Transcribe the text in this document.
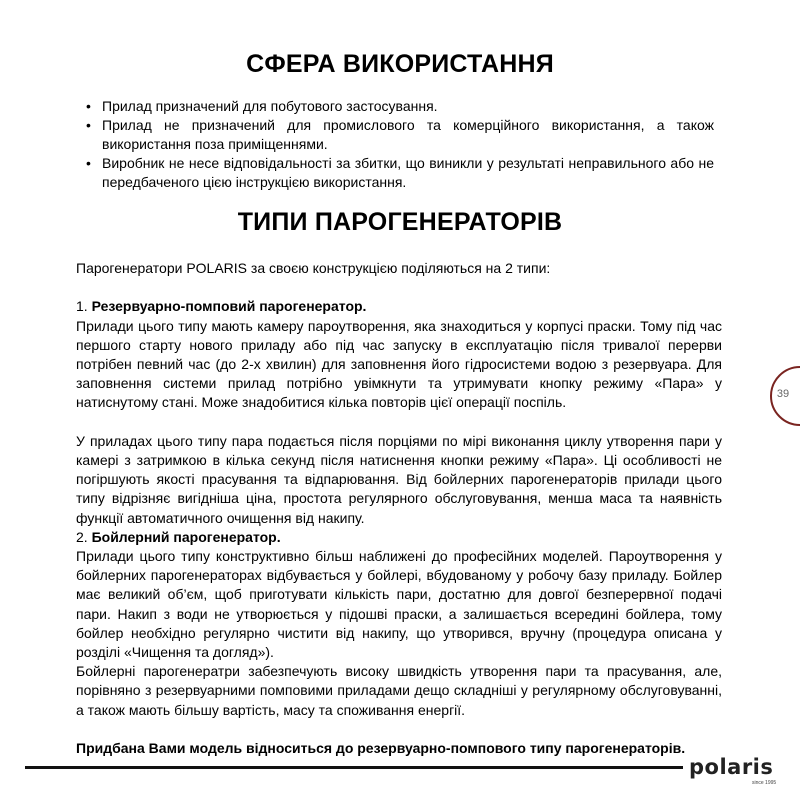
СФЕРА ВИКОРИСТАННЯ
• Прилад призначений для побутового застосування.
• Прилад не призначений для промислового та комерційного використання, а також використання поза приміщеннями.
• Виробник не несе відповідальності за збитки, що виникли у результаті неправильного або не передбаченого цією інструкцією використання.
ТИПИ ПАРОГЕНЕРАТОРІВ

Парогенератори POLARIS за своєю конструкцією поділяються на 2 типи:

1. Резервуарно-помповий парогенератор.

Прилади цього типу мають камеру пароутворення, яка знаходиться у корпусі праски. Тому під час першого старту нового приладу або під час запуску в експлуатацію після тривалої перерви потрібен певний час (до 2-х хвилин) для заповнення його гідросистеми водою з резервуара. Для заповнення системи прилад потрібно увімкнути та утримувати кнопку режиму «Пара» у натиснутому стані. Може знадобитися кілька повторів цієї операції поспіль.

У приладах цього типу пара подається після порціями по мірі виконання циклу утворення пари у камері з затримкою в кілька секунд після натиснення кнопки режиму «Пара». Ці особливості не погіршують якості прасування та відпарювання. Від бойлерних парогенераторів прилади цього типу відрізняє вигідніша ціна, простота регулярного обслуговування, менша маса та наявність функції автоматичного очищення від накипу.

2. Бойлерний парогенератор.

Прилади цього типу конструктивно більш наближені до професійних моделей. Пароутворення у бойлерних парогенераторах відбувається у бойлері, вбудованому у робочу базу приладу. Бойлер має великий об’єм, щоб приготувати кількість пари, достатню для довгої безперервної подачі пари. Накип з води не утворюється у підошві праски, а залишається всередині бойлера, тому бойлер необхідно регулярно чистити від накипу, що утворився, вручну (процедура описана у розділі «Чищення та догляд»).

Бойлерні парогенератри забезпечують високу швидкість утворення пари та прасування, але, порівняно з резервуарними помповими приладами дещо складніші у регулярному обслуговуванні, а також мають більшу вартість, масу та споживання енергії.

Придбана Вами модель відноситься до резервуарно-помпового типу парогенераторів.

39
polaris
since 1995
